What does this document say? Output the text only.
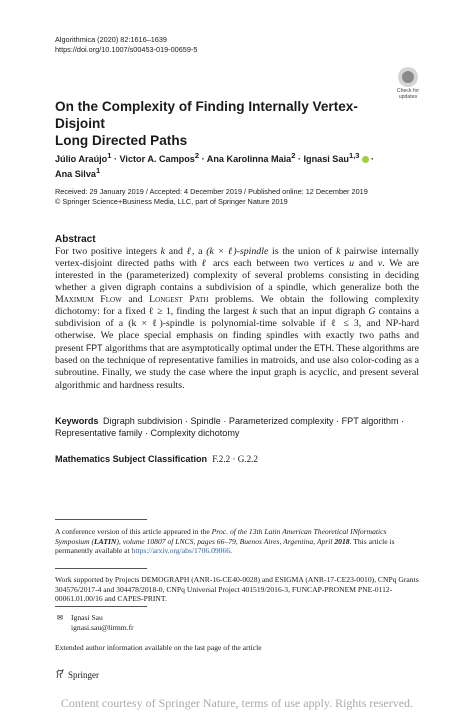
Algorithmica (2020) 82:1616–1639
https://doi.org/10.1007/s00453-019-00659-5
Check for
updates
On the Complexity of Finding Internally Vertex-Disjoint
Long Directed Paths
Júlio Araújo$^1$ · Victor A. Campos$^2$ · Ana Karolinna Maia$^2$ · Ignasi Sau$^{1,3}$ ·
Ana Silva$^1$
Received: 29 January 2019 / Accepted: 4 December 2019 / Published online: 12 December 2019
© Springer Science+Business Media, LLC, part of Springer Nature 2019
Abstract
For two positive integers k and ℓ, a (k × ℓ)-spindle is the union of k pairwise internally vertex-disjoint directed paths with ℓ arcs each between two vertices u and v. We are interested in the (parameterized) complexity of several problems consisting in deciding whether a given digraph contains a subdivision of a spindle, which generalize both the Maximum Flow and Longest Path problems. We obtain the following complexity dichotomy: for a fixed ℓ ≥ 1, finding the largest k such that an input digraph G contains a subdivision of a (k × ℓ)-spindle is polynomial-time solvable if ℓ ≤ 3, and NP-hard otherwise. We place special emphasis on finding spindles with exactly two paths and present FPT algorithms that are asymptotically optimal under the ETH. These algorithms are based on the technique of representative families in matroids, and use also color-coding as a subroutine. Finally, we study the case where the input graph is acyclic, and present several algorithmic and hardness results.
Keywords Digraph subdivision · Spindle · Parameterized complexity · FPT algorithm · Representative family · Complexity dichotomy
Mathematics Subject Classification F.2.2 · G.2.2
A conference version of this article appeared in the Proc. of the 13th Latin American Theoretical INformatics Symposium (LATIN), volume 10807 of LNCS, pages 66–79, Buenos Aires, Argentina, April 2018. This article is permanently available at https://arxiv.org/abs/1706.09066.
Work supported by Projects DEMOGRAPH (ANR-16-CE40-0028) and ESIGMA (ANR-17-CE23-0010), CNPq Grants 304576/2017-4 and 304478/2018-0, CNPq Universal Project 401519/2016-3, FUNCAP-PRONEM PNE-0112-00061.01.00/16 and CAPES-PRINT.
✉ Ignasi Sau
ignasi.sau@lirmm.fr
Extended author information available on the last page of the article
Springer
Content courtesy of Springer Nature, terms of use apply. Rights reserved.
